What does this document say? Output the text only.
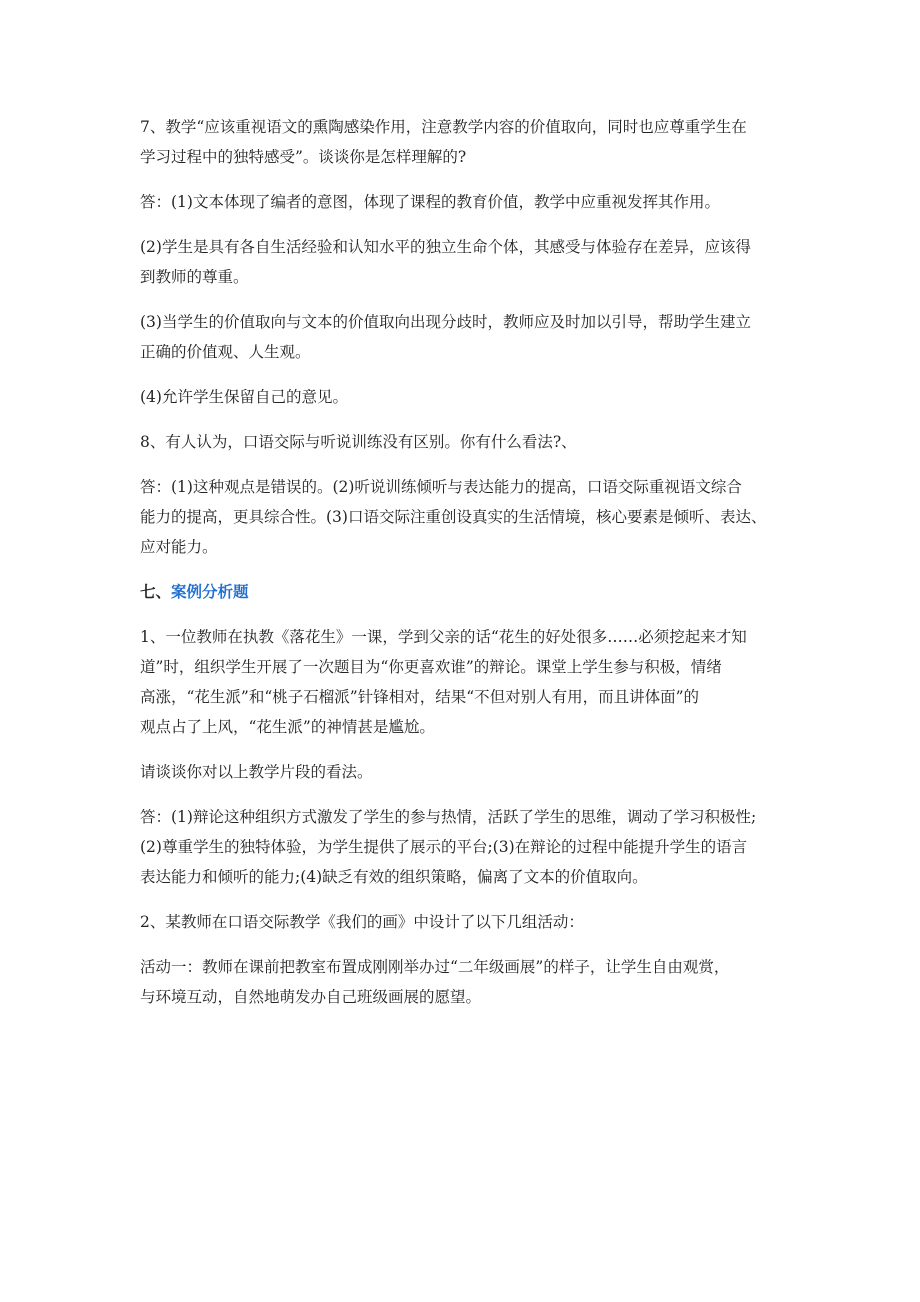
7、教学“应该重视语文的熏陶感染作用，注意教学内容的价值取向，同时也应尊重学生在
学习过程中的独特感受”。谈谈你是怎样理解的?
答：(1)文本体现了编者的意图，体现了课程的教育价值，教学中应重视发挥其作用。
(2)学生是具有各自生活经验和认知水平的独立生命个体，其感受与体验存在差异，应该得
到教师的尊重。
(3)当学生的价值取向与文本的价值取向出现分歧时，教师应及时加以引导，帮助学生建立
正确的价值观、人生观。
(4)允许学生保留自己的意见。
8、有人认为，口语交际与听说训练没有区别。你有什么看法?、
答：(1)这种观点是错误的。(2)听说训练倾听与表达能力的提高，口语交际重视语文综合
能力的提高，更具综合性。(3)口语交际注重创设真实的生活情境，核心要素是倾听、表达、
应对能力。
七、案例分析题
1、一位教师在执教《落花生》一课，学到父亲的话“花生的好处很多……必须挖起来才知
道”时，组织学生开展了一次题目为“你更喜欢谁”的辩论。课堂上学生参与积极，情绪
高涨，“花生派”和“桃子石榴派”针锋相对，结果“不但对别人有用，而且讲体面”的
观点占了上风，“花生派”的神情甚是尴尬。
请谈谈你对以上教学片段的看法。
答：(1)辩论这种组织方式激发了学生的参与热情，活跃了学生的思维，调动了学习积极性;
(2)尊重学生的独特体验，为学生提供了展示的平台;(3)在辩论的过程中能提升学生的语言
表达能力和倾听的能力;(4)缺乏有效的组织策略，偏离了文本的价值取向。
2、某教师在口语交际教学《我们的画》中设计了以下几组活动：
活动一：教师在课前把教室布置成刚刚举办过“二年级画展”的样子，让学生自由观赏，
与环境互动，自然地萌发办自己班级画展的愿望。
